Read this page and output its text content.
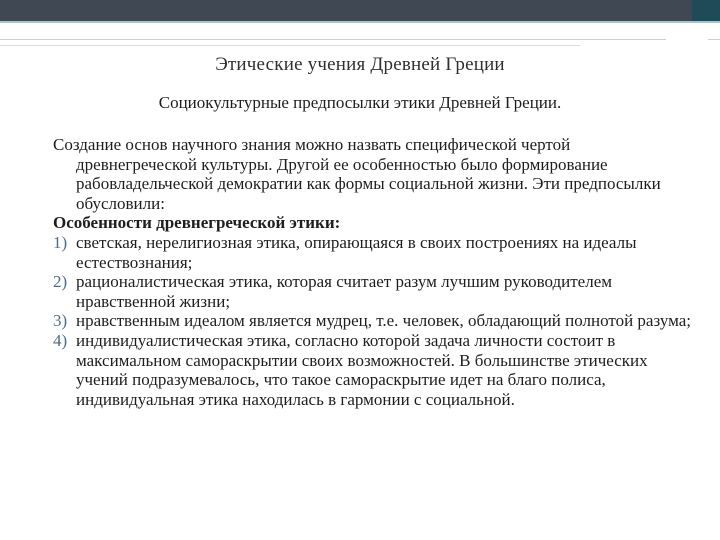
Этические учения Древней Греции
Социокультурные предпосылки этики Древней Греции.

Создание основ научного знания можно назвать специфической чертой древнегреческой культуры. Другой ее особенностью было формирование рабовладельческой демократии как формы социальной жизни. Эти предпосылки обусловили:

Особенности древнегреческой этики:

1) светская, нерелигиозная этика, опирающаяся в своих построениях на идеалы естествознания;
2) рационалистическая этика, которая считает разум лучшим руководителем нравственной жизни;
3) нравственным идеалом является мудрец, т.е. человек, обладающий полнотой разума;
4) индивидуалистическая этика, согласно которой задача личности состоит в максимальном самораскрытии своих возможностей. В большинстве этических учений подразумевалось, что такое самораскрытие идет на благо полиса, индивидуальная этика находилась в гармонии с социальной.
